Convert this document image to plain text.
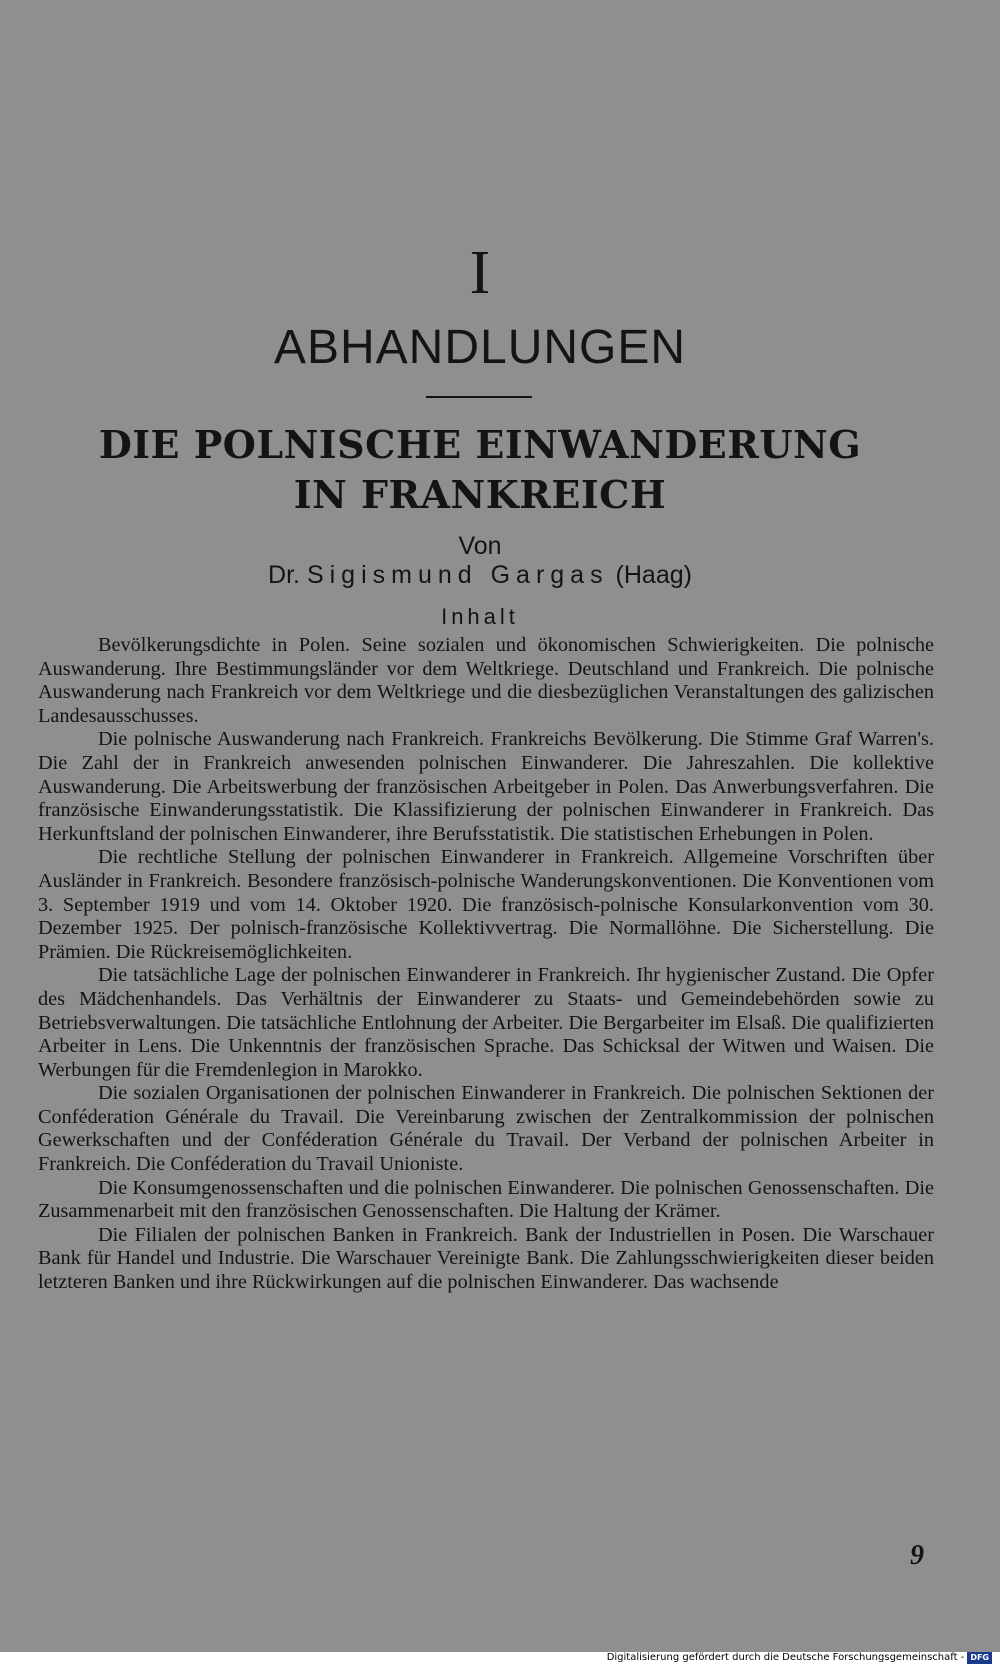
I
ABHANDLUNGEN
DIE POLNISCHE EINWANDERUNG
IN FRANKREICH
Von
Dr. Sigismund Gargas (Haag)
Inhalt

Bevölkerungsdichte in Polen. Seine sozialen und ökonomischen Schwierigkeiten. Die polnische Auswanderung. Ihre Bestimmungsländer vor dem Weltkriege. Deutschland und Frankreich. Die polnische Auswanderung nach Frankreich vor dem Weltkriege und die diesbezüglichen Veranstaltungen des galizischen Landesausschusses.

Die polnische Auswanderung nach Frankreich. Frankreichs Bevölkerung. Die Stimme Graf Warren's. Die Zahl der in Frankreich anwesenden polnischen Einwanderer. Die Jahreszahlen. Die kollektive Auswanderung. Die Arbeitswerbung der französischen Arbeitgeber in Polen. Das Anwerbungsverfahren. Die französische Einwanderungsstatistik. Die Klassifizierung der polnischen Einwanderer in Frankreich. Das Herkunftsland der polnischen Einwanderer, ihre Berufsstatistik. Die statistischen Erhebungen in Polen.

Die rechtliche Stellung der polnischen Einwanderer in Frankreich. Allgemeine Vorschriften über Ausländer in Frankreich. Besondere französisch-polnische Wanderungskonventionen. Die Konventionen vom 3. September 1919 und vom 14. Oktober 1920. Die französisch-polnische Konsularkonvention vom 30. Dezember 1925. Der polnisch-französische Kollektivvertrag. Die Normallöhne. Die Sicherstellung. Die Prämien. Die Rückreisemöglichkeiten.

Die tatsächliche Lage der polnischen Einwanderer in Frankreich. Ihr hygienischer Zustand. Die Opfer des Mädchenhandels. Das Verhältnis der Einwanderer zu Staats- und Gemeindebehörden sowie zu Betriebsverwaltungen. Die tatsächliche Entlohnung der Arbeiter. Die Bergarbeiter im Elsaß. Die qualifizierten Arbeiter in Lens. Die Unkenntnis der französischen Sprache. Das Schicksal der Witwen und Waisen. Die Werbungen für die Fremdenlegion in Marokko.

Die sozialen Organisationen der polnischen Einwanderer in Frankreich. Die polnischen Sektionen der Conféderation Générale du Travail. Die Vereinbarung zwischen der Zentralkommission der polnischen Gewerkschaften und der Conféderation Générale du Travail. Der Verband der polnischen Arbeiter in Frankreich. Die Conféderation du Travail Unioniste.

Die Konsumgenossenschaften und die polnischen Einwanderer. Die polnischen Genossenschaften. Die Zusammenarbeit mit den französischen Genossenschaften. Die Haltung der Krämer.

Die Filialen der polnischen Banken in Frankreich. Bank der Industriellen in Posen. Die Warschauer Bank für Handel und Industrie. Die Warschauer Vereinigte Bank. Die Zahlungsschwierigkeiten dieser beiden letzteren Banken und ihre Rückwirkungen auf die polnischen Einwanderer. Das wachsende

9
Digitalisierung gefördert durch die Deutsche Forschungsgemeinschaft - DFG
